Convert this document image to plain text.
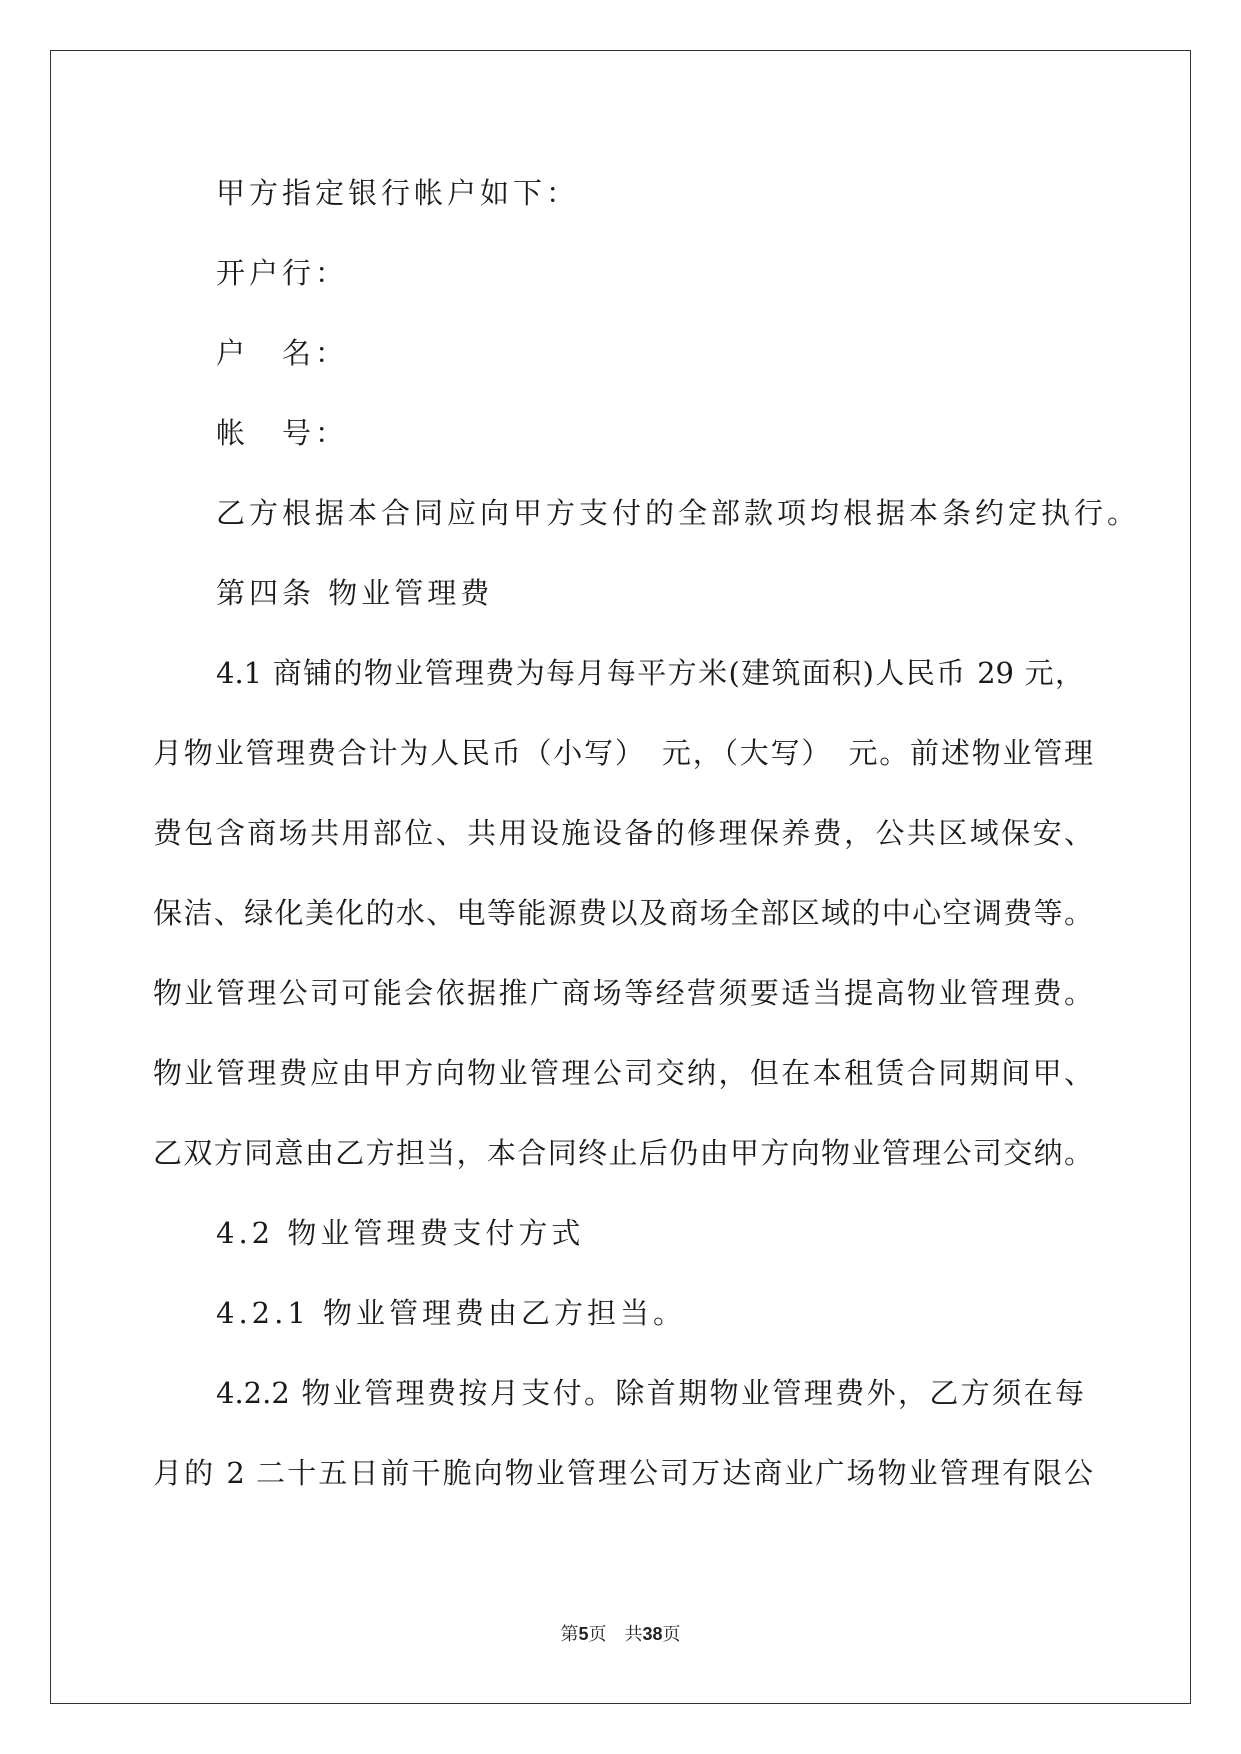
甲方指定银行帐户如下：
开户行：
户　名：
帐　号：
乙方根据本合同应向甲方支付的全部款项均根据本条约定执行。
第四条 物业管理费
4.1 商铺的物业管理费为每月每平方米(建筑面积)人民币 29 元，
月物业管理费合计为人民币（小写）　元，（大写）　元。前述物业管理
费包含商场共用部位、共用设施设备的修理保养费，公共区域保安、
保洁、绿化美化的水、电等能源费以及商场全部区域的中心空调费等。
物业管理公司可能会依据推广商场等经营须要适当提高物业管理费。
物业管理费应由甲方向物业管理公司交纳，但在本租赁合同期间甲、
乙双方同意由乙方担当，本合同终止后仍由甲方向物业管理公司交纳。
4.2 物业管理费支付方式
4.2.1 物业管理费由乙方担当。
4.2.2 物业管理费按月支付。除首期物业管理费外，乙方须在每
月的 2 二十五日前干脆向物业管理公司万达商业广场物业管理有限公
第5页　 共38页
